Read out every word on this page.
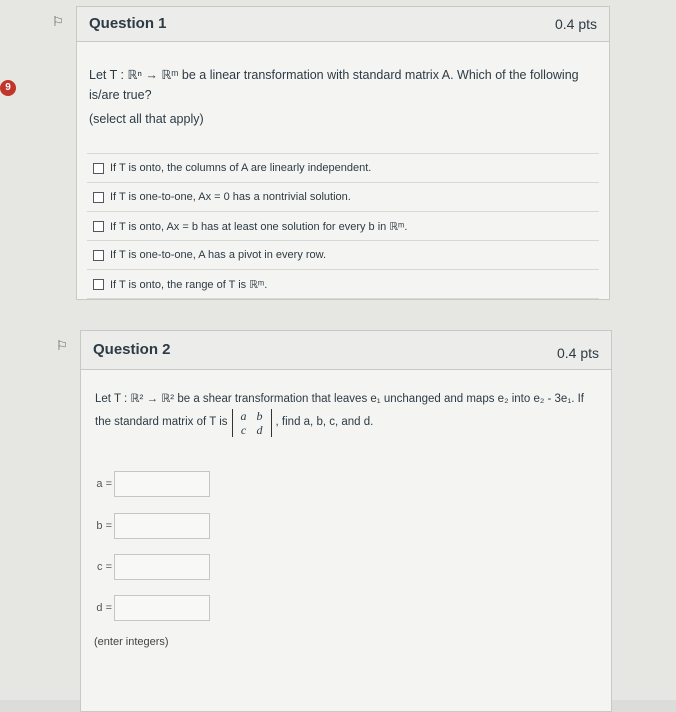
9
⚐ Question 1	0.4 pts
Let T : ℝⁿ → ℝᵐ be a linear transformation with standard matrix A. Which of the following is/are true?
(select all that apply)
If T is onto, the columns of A are linearly independent.
If T is one-to-one, Ax = 0 has a nontrivial solution.
If T is onto, Ax = b has at least one solution for every b in ℝᵐ.
If T is one-to-one, A has a pivot in every row.
If T is onto, the range of T is ℝᵐ.
⚐ Question 2	0.4 pts
Let T : ℝ² → ℝ² be a shear transformation that leaves e₁ unchanged and maps e₂ into e₂ - 3e₁. If
the standard matrix of T is	a b
c d
, find a, b, c, and d.
a =
b =
c =
d =
(enter integers)
